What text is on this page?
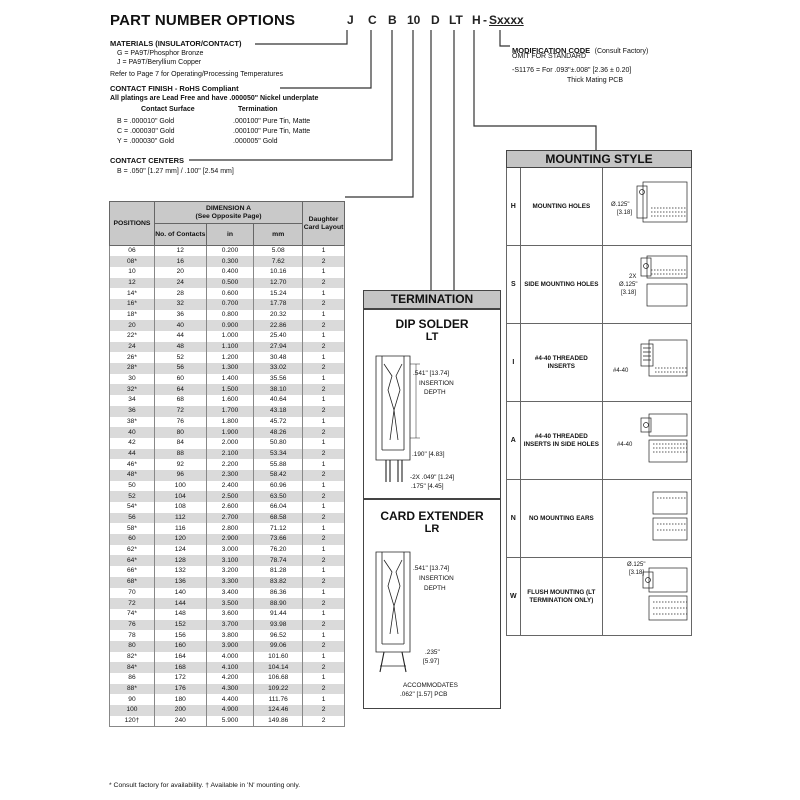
PART NUMBER OPTIONS	J C B 10 D LT H - Sxxxx
MATERIALS (INSULATOR/CONTACT)
G = PA9T/Phosphor Bronze
J = PA9T/Beryllium Copper
Refer to Page 7 for Operating/Processing Temperatures
CONTACT FINISH - RoHS Compliant
All platings are Lead Free and have .000050" Nickel underplate
Contact Surface	Termination
B = .000010" Gold	.000100" Pure Tin, Matte
C = .000030" Gold	.000100" Pure Tin, Matte
Y = .000030" Gold	.000005" Gold
CONTACT CENTERS
B = .050" [1.27 mm] / .100" [2.54 mm]
MODIFICATION CODE (Consult Factory)
OMIT FOR STANDARD
-S1176 = For .093"±.008" [2.36 ± 0.20]
Thick Mating PCB
POSITIONS	DIMENSION A
(See Opposite Page)			Daughter Card Layout
	No. of Contacts	in	mm	
06	12	0.200	5.08	1
08*	16	0.300	7.62	2
10	20	0.400	10.16	1
12	24	0.500	12.70	2
14*	28	0.600	15.24	1
16*	32	0.700	17.78	2
18*	36	0.800	20.32	1
20	40	0.900	22.86	2
22*	44	1.000	25.40	1
24	48	1.100	27.94	2
26*	52	1.200	30.48	1
28*	56	1.300	33.02	2
30	60	1.400	35.56	1
32*	64	1.500	38.10	2
34	68	1.600	40.64	1
36	72	1.700	43.18	2
38*	76	1.800	45.72	1
40	80	1.900	48.26	2
42	84	2.000	50.80	1
44	88	2.100	53.34	2
46*	92	2.200	55.88	1
48*	96	2.300	58.42	2
50	100	2.400	60.96	1
52	104	2.500	63.50	2
54*	108	2.600	66.04	1
56	112	2.700	68.58	2
58*	116	2.800	71.12	1
60	120	2.900	73.66	2
62*	124	3.000	76.20	1
64*	128	3.100	78.74	2
66*	132	3.200	81.28	1
68*	136	3.300	83.82	2
70	140	3.400	86.36	1
72	144	3.500	88.90	2
74*	148	3.600	91.44	1
76	152	3.700	93.98	2
78	156	3.800	96.52	1
80	160	3.900	99.06	2
82*	164	4.000	101.60	1
84*	168	4.100	104.14	2
86	172	4.200	106.68	1
88*	176	4.300	109.22	2
90	180	4.400	111.76	1
100	200	4.900	124.46	2
120†	240	5.900	149.86	2
* Consult factory for availability. † Available in 'N' mounting only.
TERMINATION
DIP SOLDER
LT
CARD EXTENDER
LR
.541" [13.74]
INSERTION
DEPTH
.190" [4.83]
-2X .049" [1.24]
.175" [4.45]
.541" [13.74]
INSERTION
DEPTH
.235"
[5.97]
ACCOMMODATES
.062" [1.57] PCB
MOUNTING STYLE		
H	MOUNTING HOLES	Ø.125"
[3.18]

S	SIDE MOUNTING HOLES	2X
Ø.125"
[3.18]

I	#4-40 THREADED INSERTS	#4-40

A	#4-40 THREADED INSERTS IN SIDE HOLES	#4-40

N	NO MOUNTING EARS	
W	FLUSH MOUNTING (LT TERMINATION ONLY)	Ø.125"
[3.18]
